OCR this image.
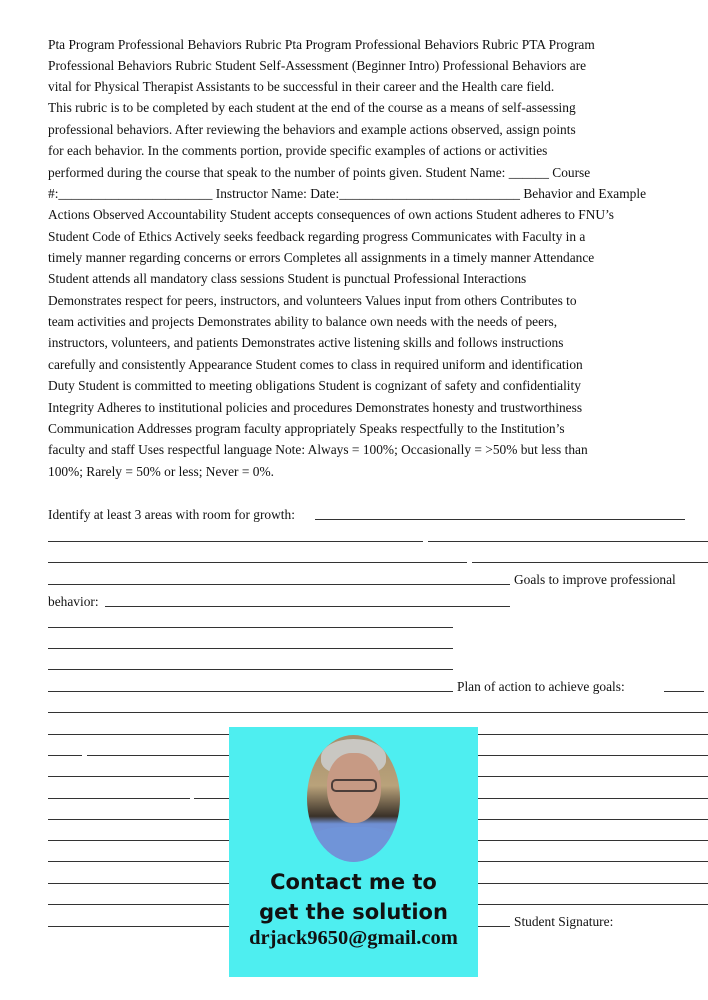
Pta Program Professional Behaviors Rubric Pta Program Professional Behaviors Rubric PTA Program
Professional Behaviors Rubric Student Self-Assessment (Beginner Intro) Professional Behaviors are
vital for Physical Therapist Assistants to be successful in their career and the Health care field.
This rubric is to be completed by each student at the end of the course as a means of self-assessing
professional behaviors. After reviewing the behaviors and example actions observed, assign points
for each behavior. In the comments portion, provide specific examples of actions or activities
performed during the course that speak to the number of points given. Student Name: ______ Course
#:_______________________ Instructor Name: Date:___________________________ Behavior and Example
Actions Observed Accountability Student accepts consequences of own actions Student adheres to FNU’s
Student Code of Ethics Actively seeks feedback regarding progress Communicates with Faculty in a
timely manner regarding concerns or errors Completes all assignments in a timely manner Attendance
Student attends all mandatory class sessions Student is punctual Professional Interactions
Demonstrates respect for peers, instructors, and volunteers Values input from others Contributes to
team activities and projects Demonstrates ability to balance own needs with the needs of peers,
instructors, volunteers, and patients Demonstrates active listening skills and follows instructions
carefully and consistently Appearance Student comes to class in required uniform and identification
Duty Student is committed to meeting obligations Student is cognizant of safety and confidentiality
Integrity Adheres to institutional policies and procedures Demonstrates honesty and trustworthiness
Communication Addresses program faculty appropriately Speaks respectfully to the Institution’s
faculty and staff Uses respectful language Note: Always = 100%; Occasionally = >50% but less than
100%; Rarely = 50% or less; Never = 0%.
Identify at least 3 areas with room for growth:
Goals to improve professional
behavior:
Plan of action to achieve goals:
Student Signature:
Contact me to
get the solution
drjack9650@gmail.com
